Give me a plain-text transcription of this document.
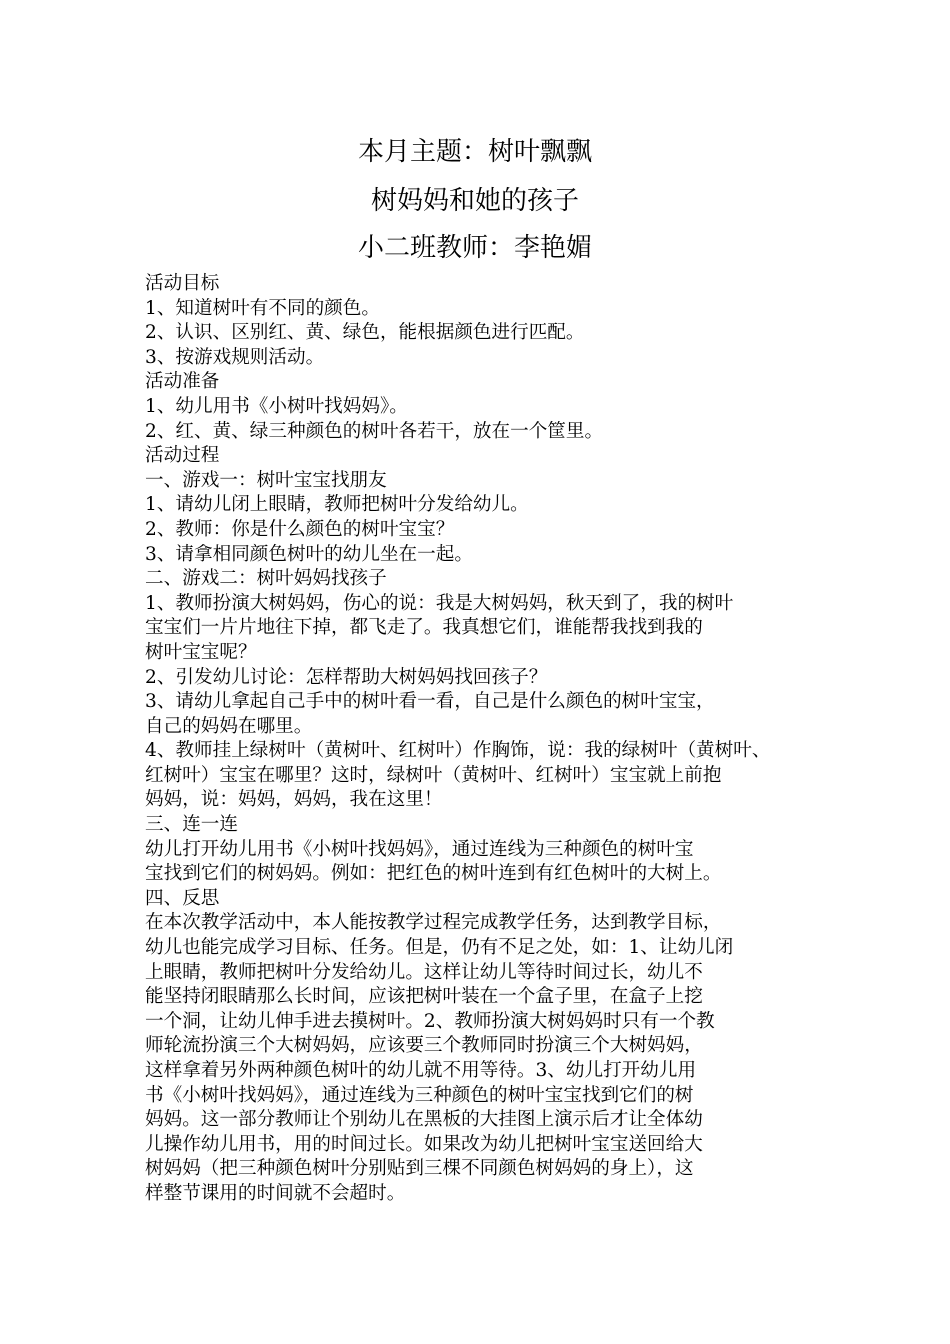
本月主题：树叶飘飘
树妈妈和她的孩子
小二班教师：李艳媚
活动目标
1、知道树叶有不同的颜色。
2、认识、区别红、黄、绿色，能根据颜色进行匹配。
3、按游戏规则活动。
活动准备
1、幼儿用书《小树叶找妈妈》。
2、红、黄、绿三种颜色的树叶各若干，放在一个筐里。
活动过程
一、游戏一：树叶宝宝找朋友
1、请幼儿闭上眼睛，教师把树叶分发给幼儿。
2、教师：你是什么颜色的树叶宝宝？
3、请拿相同颜色树叶的幼儿坐在一起。
二、游戏二：树叶妈妈找孩子
1、教师扮演大树妈妈，伤心的说：我是大树妈妈，秋天到了，我的树叶
宝宝们一片片地往下掉，都飞走了。我真想它们，谁能帮我找到我的
树叶宝宝呢？
2、引发幼儿讨论：怎样帮助大树妈妈找回孩子？
3、请幼儿拿起自己手中的树叶看一看，自己是什么颜色的树叶宝宝，
自己的妈妈在哪里。
4、教师挂上绿树叶（黄树叶、红树叶）作胸饰，说：我的绿树叶（黄树叶、
红树叶）宝宝在哪里？这时，绿树叶（黄树叶、红树叶）宝宝就上前抱
妈妈，说：妈妈，妈妈，我在这里！
三、连一连
幼儿打开幼儿用书《小树叶找妈妈》，通过连线为三种颜色的树叶宝
宝找到它们的树妈妈。例如：把红色的树叶连到有红色树叶的大树上。
四、反思
在本次教学活动中，本人能按教学过程完成教学任务，达到教学目标，
幼儿也能完成学习目标、任务。但是，仍有不足之处，如：1、让幼儿闭
上眼睛，教师把树叶分发给幼儿。这样让幼儿等待时间过长，幼儿不
能坚持闭眼睛那么长时间，应该把树叶装在一个盒子里，在盒子上挖
一个洞，让幼儿伸手进去摸树叶。2、教师扮演大树妈妈时只有一个教
师轮流扮演三个大树妈妈，应该要三个教师同时扮演三个大树妈妈，
这样拿着另外两种颜色树叶的幼儿就不用等待。3、幼儿打开幼儿用
书《小树叶找妈妈》，通过连线为三种颜色的树叶宝宝找到它们的树
妈妈。这一部分教师让个别幼儿在黑板的大挂图上演示后才让全体幼
儿操作幼儿用书，用的时间过长。如果改为幼儿把树叶宝宝送回给大
树妈妈（把三种颜色树叶分别贴到三棵不同颜色树妈妈的身上），这
样整节课用的时间就不会超时。
